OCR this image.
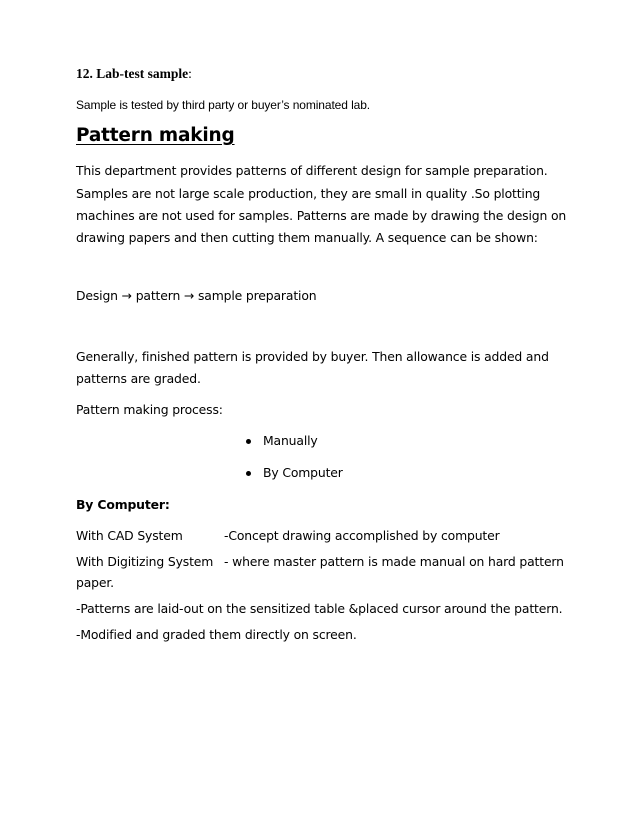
12. Lab-test sample:
Sample is tested by third party or buyer’s nominated lab.
Pattern making
This department provides patterns of different design for sample preparation.
Samples are not large scale production, they are small in quality .So plotting
machines are not used for samples. Patterns are made by drawing the design on
drawing papers and then cutting them manually. A sequence can be shown:
Design → pattern → sample preparation
Generally, finished pattern is provided by buyer. Then allowance is added and
patterns are graded.
Pattern making process:
Manually
By Computer
By Computer:
With CAD System	-Concept drawing accomplished by computer
With Digitizing System - where master pattern is made manual on hard pattern
paper.
-Patterns are laid-out on the sensitized table &placed cursor around the pattern.
-Modified and graded them directly on screen.
